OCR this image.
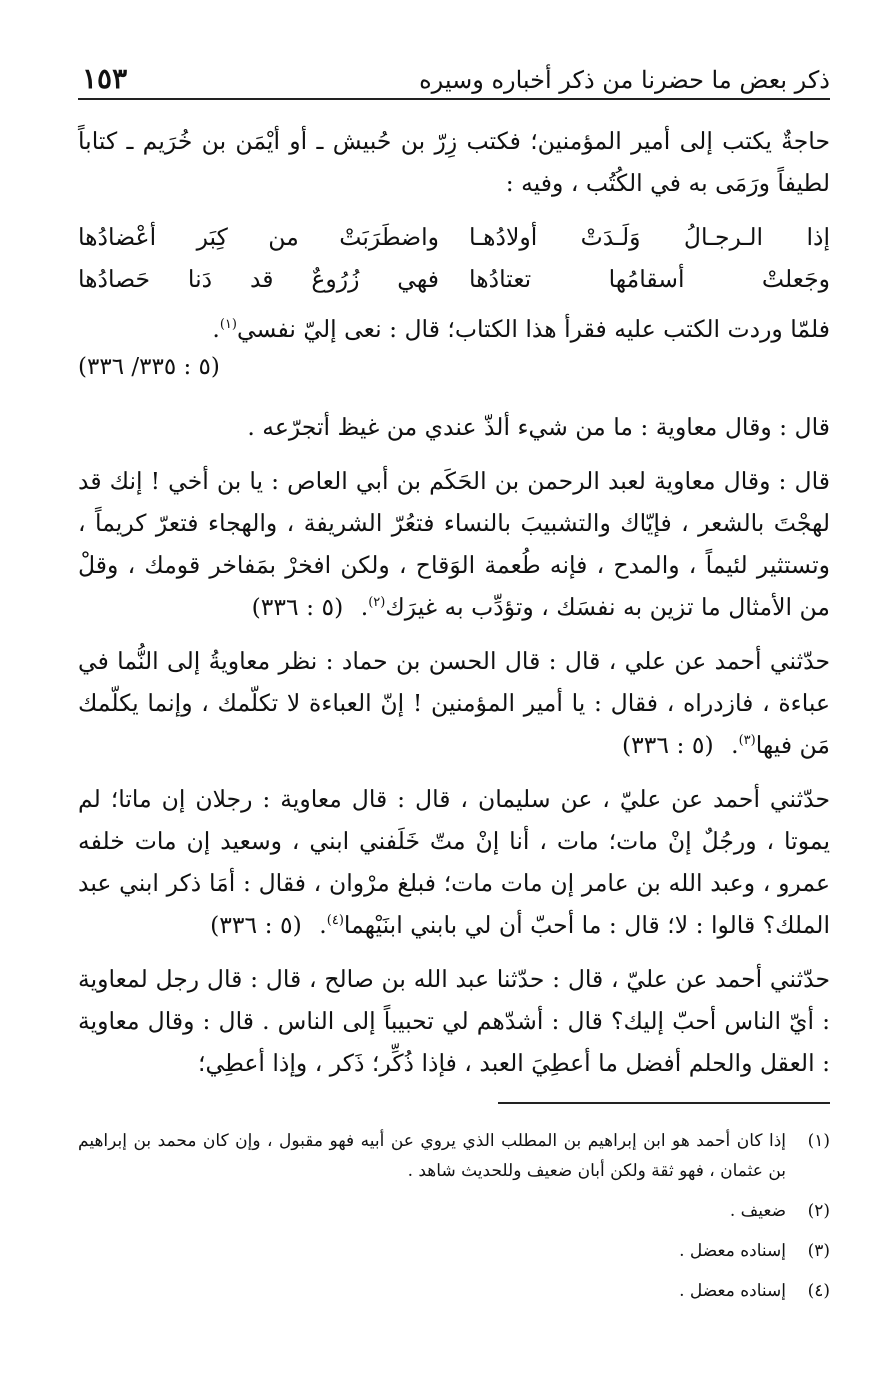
ذكر بعض ما حضرنا من ذكر أخباره وسيره
١٥٣

حاجةٌ يكتب إلى أمير المؤمنين؛ فكتب زِرّ بن حُبيش ـ أو أيْمَن بن خُرَيم ـ كتاباً لطيفاً ورَمَى به في الكُتُب ، وفيه :

إذا الـرجـالُ وَلَـدَتْ أولادُهـا
واضطَرَبَتْ من كِبَر أعْضادُها
وجَعلتْ أسقامُها تعتادُها
فهي زُرُوعٌ قد دَنا حَصادُها

فلمّا وردت الكتب عليه فقرأ هذا الكتاب؛ قال : نعى إليّ نفسي$^{(١)}$.

(٥ : ٣٣٥/ ٣٣٦)

قال : وقال معاوية : ما من شيء ألذّ عندي من غيظ أتجرّعه .

قال : وقال معاوية لعبد الرحمن بن الحَكَم بن أبي العاص : يا بن أخي ! إنك قد لهجْتَ بالشعر ، فإيّاك والتشبيبَ بالنساء فتعُرّ الشريفة ، والهجاء فتعرّ كريماً ، وتستثير لئيماً ، والمدح ، فإنه طُعمة الوَقاح ، ولكن افخرْ بمَفاخر قومك ، وقلْ من الأمثال ما تزين به نفسَك ، وتؤدِّب به غيرَك$^{(٢)}$. (٥ : ٣٣٦)

حدّثني أحمد عن علي ، قال : قال الحسن بن حماد : نظر معاويةُ إلى النُّما في عباءة ، فازدراه ، فقال : يا أمير المؤمنين ! إنّ العباءة لا تكلّمك ، وإنما يكلّمك مَن فيها$^{(٣)}$. (٥ : ٣٣٦)

حدّثني أحمد عن عليّ ، عن سليمان ، قال : قال معاوية : رجلان إن ماتا؛ لم يموتا ، ورجُلٌ إنْ مات؛ مات ، أنا إنْ متّ خَلَفني ابني ، وسعيد إن مات خلفه عمرو ، وعبد الله بن عامر إن مات مات؛ فبلغ مرْوان ، فقال : أمَا ذكر ابني عبد الملك؟ قالوا : لا؛ قال : ما أحبّ أن لي بابني ابنَيْهما$^{(٤)}$. (٥ : ٣٣٦)

حدّثني أحمد عن عليّ ، قال : حدّثنا عبد الله بن صالح ، قال : قال رجل لمعاوية : أيّ الناس أحبّ إليك؟ قال : أشدّهم لي تحبيباً إلى الناس . قال : وقال معاوية : العقل والحلم أفضل ما أعطِيَ العبد ، فإذا ذُكِّر؛ ذَكر ، وإذا أعطِي؛

(١)
إذا كان أحمد هو ابن إبراهيم بن المطلب الذي يروي عن أبيه فهو مقبول ، وإن كان محمد بن إبراهيم بن عثمان ، فهو ثقة ولكن أبان ضعيف وللحديث شاهد .
(٢)
ضعيف .
(٣)
إسناده معضل .
(٤)
إسناده معضل .
